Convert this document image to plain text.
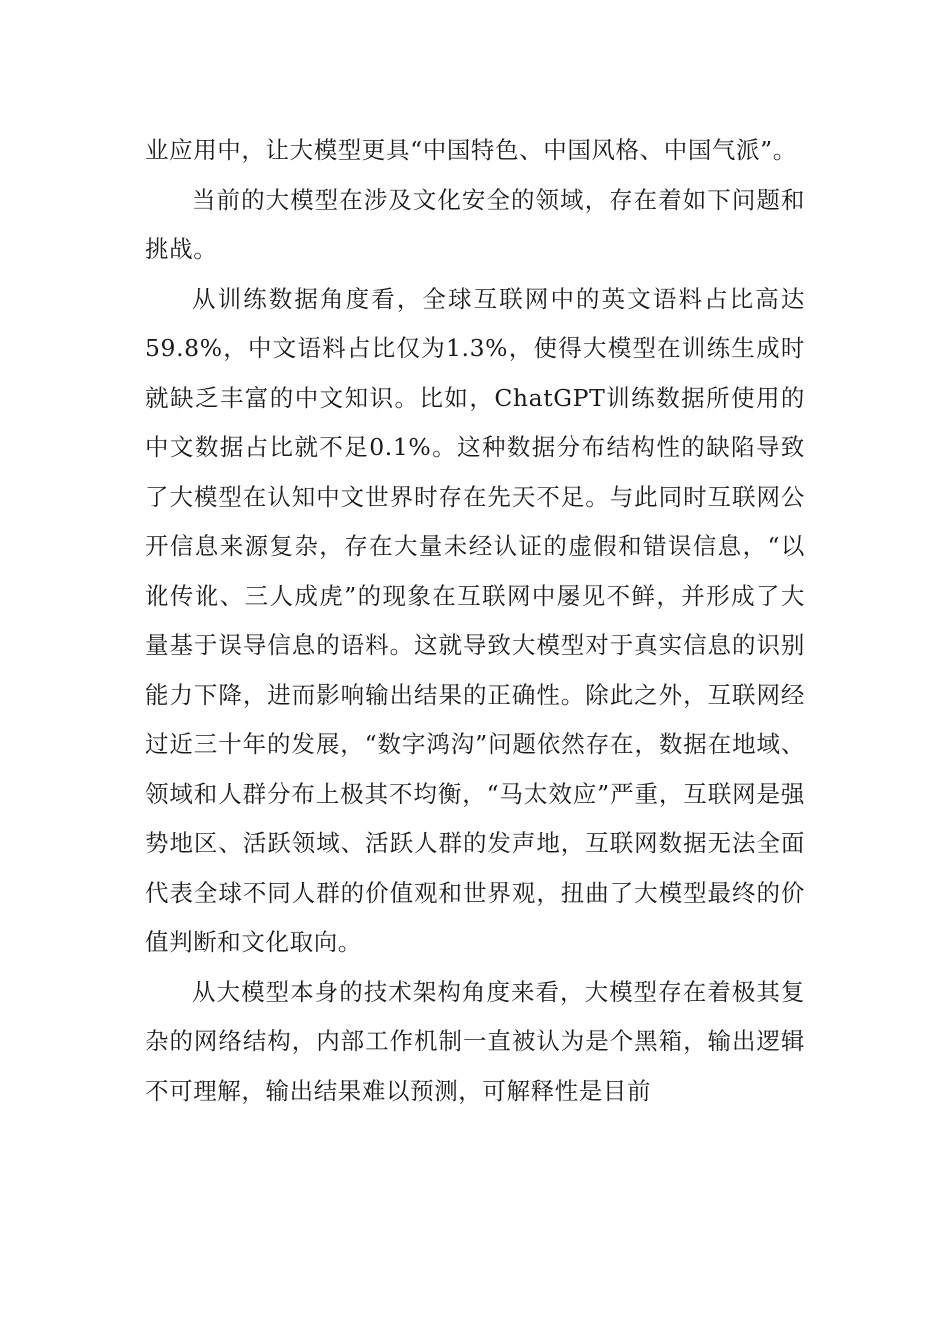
业应用中，让大模型更具“中国特色、中国风格、中国气派”。

当前的大模型在涉及文化安全的领域，存在着如下问题和挑战。

从训练数据角度看，全球互联网中的英文语料占比高达59.8%，中文语料占比仅为1.3%，使得大模型在训练生成时就缺乏丰富的中文知识。比如，ChatGPT训练数据所使用的中文数据占比就不足0.1%。这种数据分布结构性的缺陷导致了大模型在认知中文世界时存在先天不足。与此同时互联网公开信息来源复杂，存在大量未经认证的虚假和错误信息，“以讹传讹、三人成虎”的现象在互联网中屡见不鲜，并形成了大量基于误导信息的语料。这就导致大模型对于真实信息的识别能力下降，进而影响输出结果的正确性。除此之外，互联网经过近三十年的发展，“数字鸿沟”问题依然存在，数据在地域、领域和人群分布上极其不均衡，“马太效应”严重，互联网是强势地区、活跃领域、活跃人群的发声地，互联网数据无法全面代表全球不同人群的价值观和世界观，扭曲了大模型最终的价值判断和文化取向。

从大模型本身的技术架构角度来看，大模型存在着极其复杂的网络结构，内部工作机制一直被认为是个黑箱，输出逻辑不可理解，输出结果难以预测，可解释性是目前
